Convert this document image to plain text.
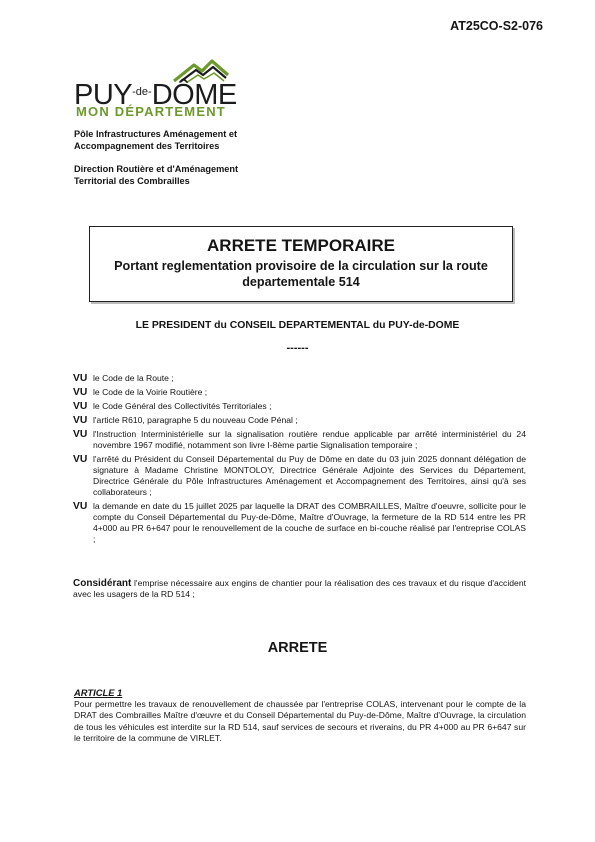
AT25CO-S2-076
$PUY^{-de-}DÔME$
MON DÉPARTEMENT
Pôle Infrastructures Aménagement et
Accompagnement des Territoires
Direction Routière et d'Aménagement
Territorial des Combrailles
ARRETE TEMPORAIRE
Portant reglementation provisoire de la circulation sur la route departementale 514
LE PRESIDENT du CONSEIL DEPARTEMENTAL du PUY-de-DOME
------
VU le Code de la Route ;
VU le Code de la Voirie Routière ;
VU le Code Général des Collectivités Territoriales ;
VU l'article R610, paragraphe 5 du nouveau Code Pénal ;
VU l'Instruction Interministérielle sur la signalisation routière rendue applicable par arrêté interministériel du 24 novembre 1967 modifié, notamment son livre I-8ème partie Signalisation temporaire ;
VU l'arrêté du Président du Conseil Départemental du Puy de Dôme en date du 03 juin 2025 donnant délégation de signature à Madame Christine MONTOLOY, Directrice Générale Adjointe des Services du Département, Directrice Générale du Pôle Infrastructures Aménagement et Accompagnement des Territoires, ainsi qu'à ses collaborateurs ;
VU la demande en date du 15 juillet 2025 par laquelle la DRAT des COMBRAILLES, Maître d'oeuvre, sollicite pour le compte du Conseil Départemental du Puy-de-Dôme, Maître d'Ouvrage, la fermeture de la RD 514 entre les PR 4+000 au PR 6+647 pour le renouvellement de la couche de surface en bi-couche réalisé par l'entreprise COLAS ;
Considérant l'emprise nécessaire aux engins de chantier pour la réalisation des ces travaux et du risque d'accident avec les usagers de la RD 514 ;
ARRETE
ARTICLE 1
Pour permettre les travaux de renouvellement de chaussée par l'entreprise COLAS, intervenant pour le compte de la DRAT des Combrailles Maître d'œuvre et du Conseil Départemental du Puy-de-Dôme, Maître d'Ouvrage, la circulation de tous les véhicules est interdite sur la RD 514, sauf services de secours et riverains, du PR 4+000 au PR 6+647 sur le territoire de la commune de VIRLET.
